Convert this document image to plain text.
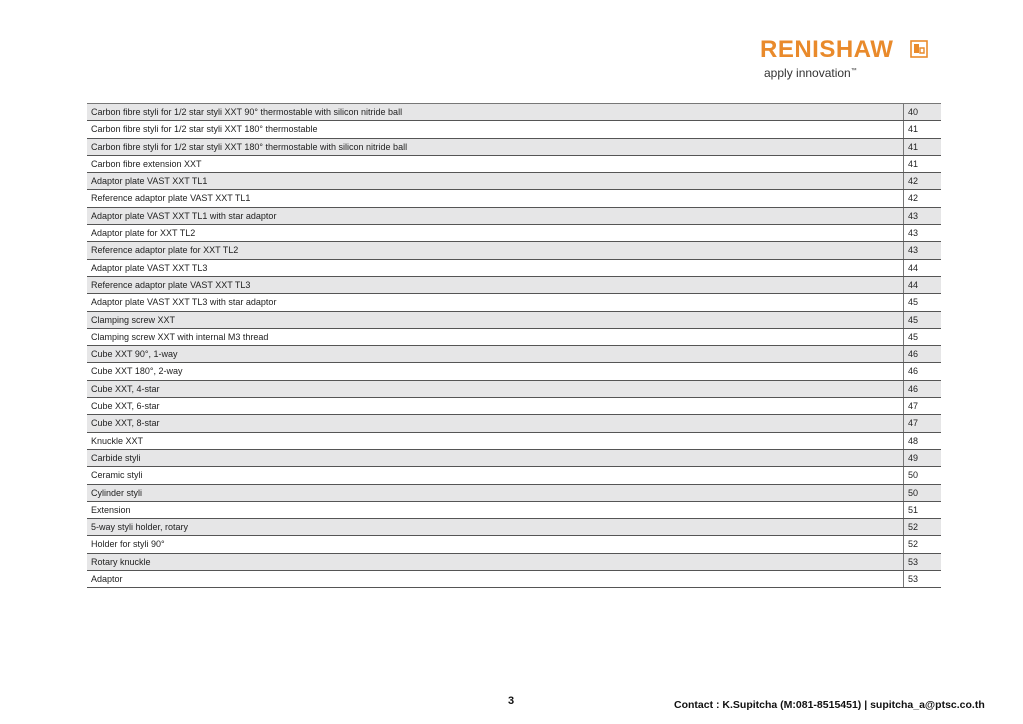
RENISHAW
apply innovation™
Carbon fibre styli for 1/2 star styli XXT 90° thermostable with silicon nitride ball	40
Carbon fibre styli for 1/2 star styli XXT 180° thermostable	41
Carbon fibre styli for 1/2 star styli XXT 180° thermostable with silicon nitride ball	41
Carbon fibre extension XXT	41
Adaptor plate VAST XXT TL1	42
Reference adaptor plate VAST XXT TL1	42
Adaptor plate VAST XXT TL1 with star adaptor	43
Adaptor plate for XXT TL2	43
Reference adaptor plate for XXT TL2	43
Adaptor plate VAST XXT TL3	44
Reference adaptor plate VAST XXT TL3	44
Adaptor plate VAST XXT TL3 with star adaptor	45
Clamping screw XXT	45
Clamping screw XXT with internal M3 thread	45
Cube XXT 90°, 1-way	46
Cube XXT 180°, 2-way	46
Cube XXT, 4-star	46
Cube XXT, 6-star	47
Cube XXT, 8-star	47
Knuckle XXT	48
Carbide styli	49
Ceramic styli	50
Cylinder styli	50
Extension	51
5-way styli holder, rotary	52
Holder for styli 90°	52
Rotary knuckle	53
Adaptor	53
3	Contact : K.Supitcha (M:081-8515451) | supitcha_a@ptsc.co.th
